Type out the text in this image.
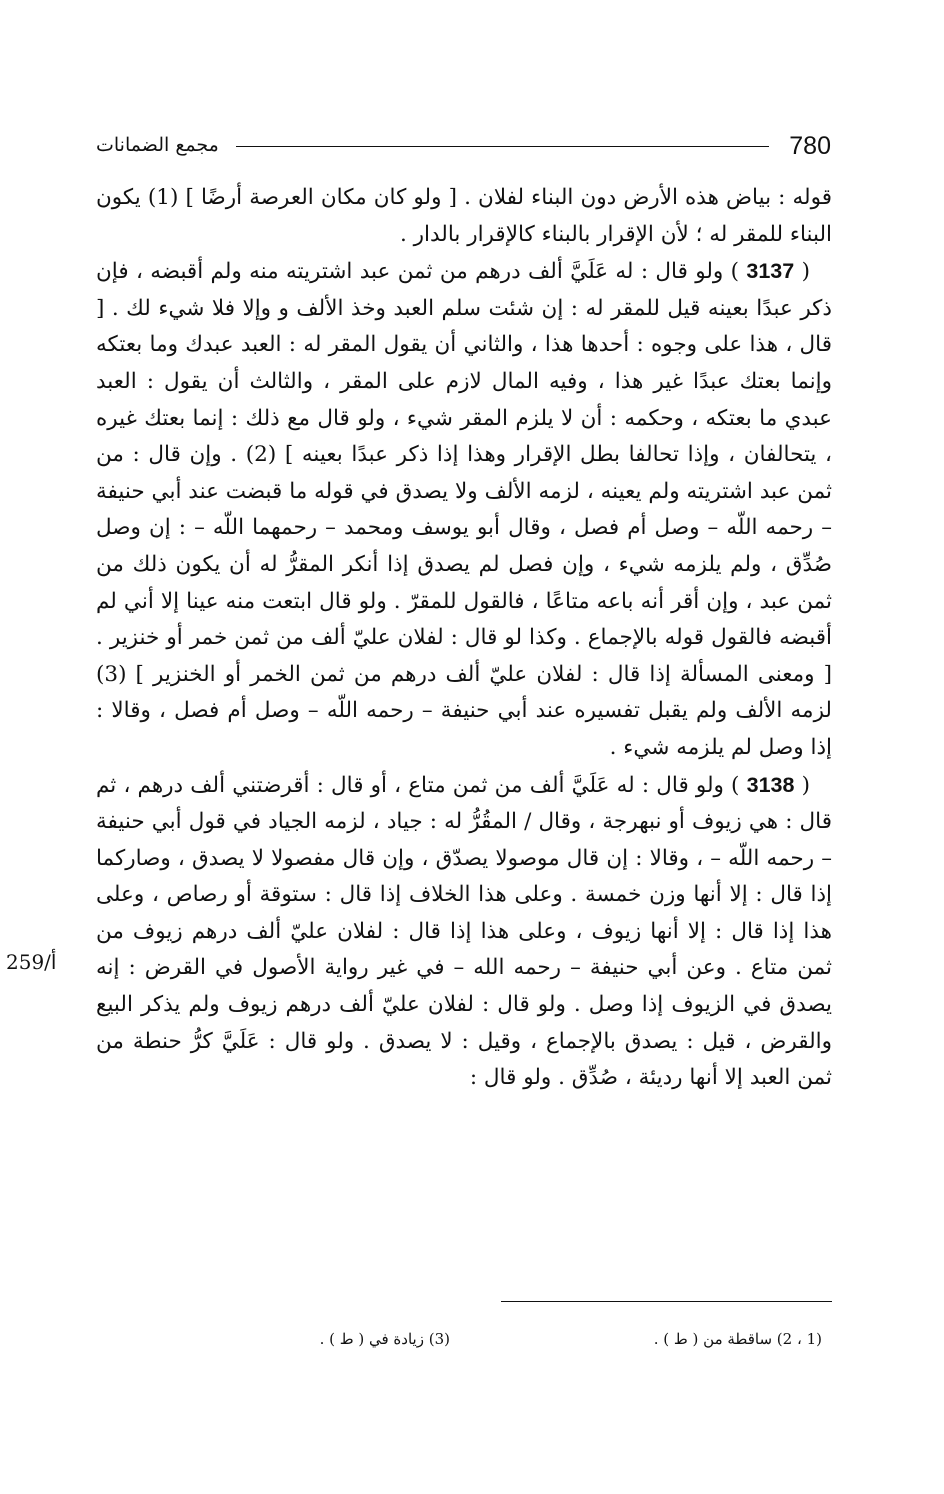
780
مجمع الضمانات

قوله : بياض هذه الأرض دون البناء لفلان . [ ولو كان مكان العرصة أرضًا ] (1) يكون البناء للمقر له ؛ لأن الإقرار بالبناء كالإقرار بالدار .

( 3137 ) ولو قال : له عَلَيَّ ألف درهم من ثمن عبد اشتريته منه ولم أقبضه ، فإن ذكر عبدًا بعينه قيل للمقر له : إن شئت سلم العبد وخذ الألف و وإلا فلا شيء لك . [ قال ، هذا على وجوه : أحدها هذا ، والثاني أن يقول المقر له : العبد عبدك وما بعتكه وإنما بعتك عبدًا غير هذا ، وفيه المال لازم على المقر ، والثالث أن يقول : العبد عبدي ما بعتكه ، وحكمه : أن لا يلزم المقر شيء ، ولو قال مع ذلك : إنما بعتك غيره ، يتحالفان ، وإذا تحالفا بطل الإقرار وهذا إذا ذكر عبدًا بعينه ] (2) . وإن قال : من ثمن عبد اشتريته ولم يعينه ، لزمه الألف ولا يصدق في قوله ما قبضت عند أبي حنيفة – رحمه اللّه – وصل أم فصل ، وقال أبو يوسف ومحمد – رحمهما اللّه – : إن وصل صُدِّق ، ولم يلزمه شيء ، وإن فصل لم يصدق إذا أنكر المقرُّ له أن يكون ذلك من ثمن عبد ، وإن أقر أنه باعه متاعًا ، فالقول للمقرّ . ولو قال ابتعت منه عينا إلا أني لم أقبضه فالقول قوله بالإجماع . وكذا لو قال : لفلان عليّ ألف من ثمن خمر أو خنزير . [ ومعنى المسألة إذا قال : لفلان عليّ ألف درهم من ثمن الخمر أو الخنزير ] (3) لزمه الألف ولم يقبل تفسيره عند أبي حنيفة – رحمه اللّه – وصل أم فصل ، وقالا : إذا وصل لم يلزمه شيء .

( 3138 ) ولو قال : له عَلَيَّ ألف من ثمن متاع ، أو قال : أقرضتني ألف درهم ، ثم قال : هي زيوف أو نبهرجة ، وقال / المقُرُّ له : جياد ، لزمه الجياد في قول أبي حنيفة – رحمه اللّه – ، وقالا : إن قال موصولا يصدّق ، وإن قال مفصولا لا يصدق ، وصاركما إذا قال : إلا أنها وزن خمسة . وعلى هذا الخلاف إذا قال : ستوقة أو رصاص ، وعلى هذا إذا قال : إلا أنها زيوف ، وعلى هذا إذا قال : لفلان عليّ ألف درهم زيوف من ثمن متاع . وعن أبي حنيفة – رحمه الله – في غير رواية الأصول في القرض : إنه يصدق في الزيوف إذا وصل . ولو قال : لفلان عليّ ألف درهم زيوف ولم يذكر البيع والقرض ، قيل : يصدق بالإجماع ، وقيل : لا يصدق . ولو قال : عَلَيَّ كرُّ حنطة من ثمن العبد إلا أنها رديئة ، صُدِّق . ولو قال :

259/أ
(1 ، 2) ساقطة من ( ط ) .
(3) زيادة في ( ط ) .
